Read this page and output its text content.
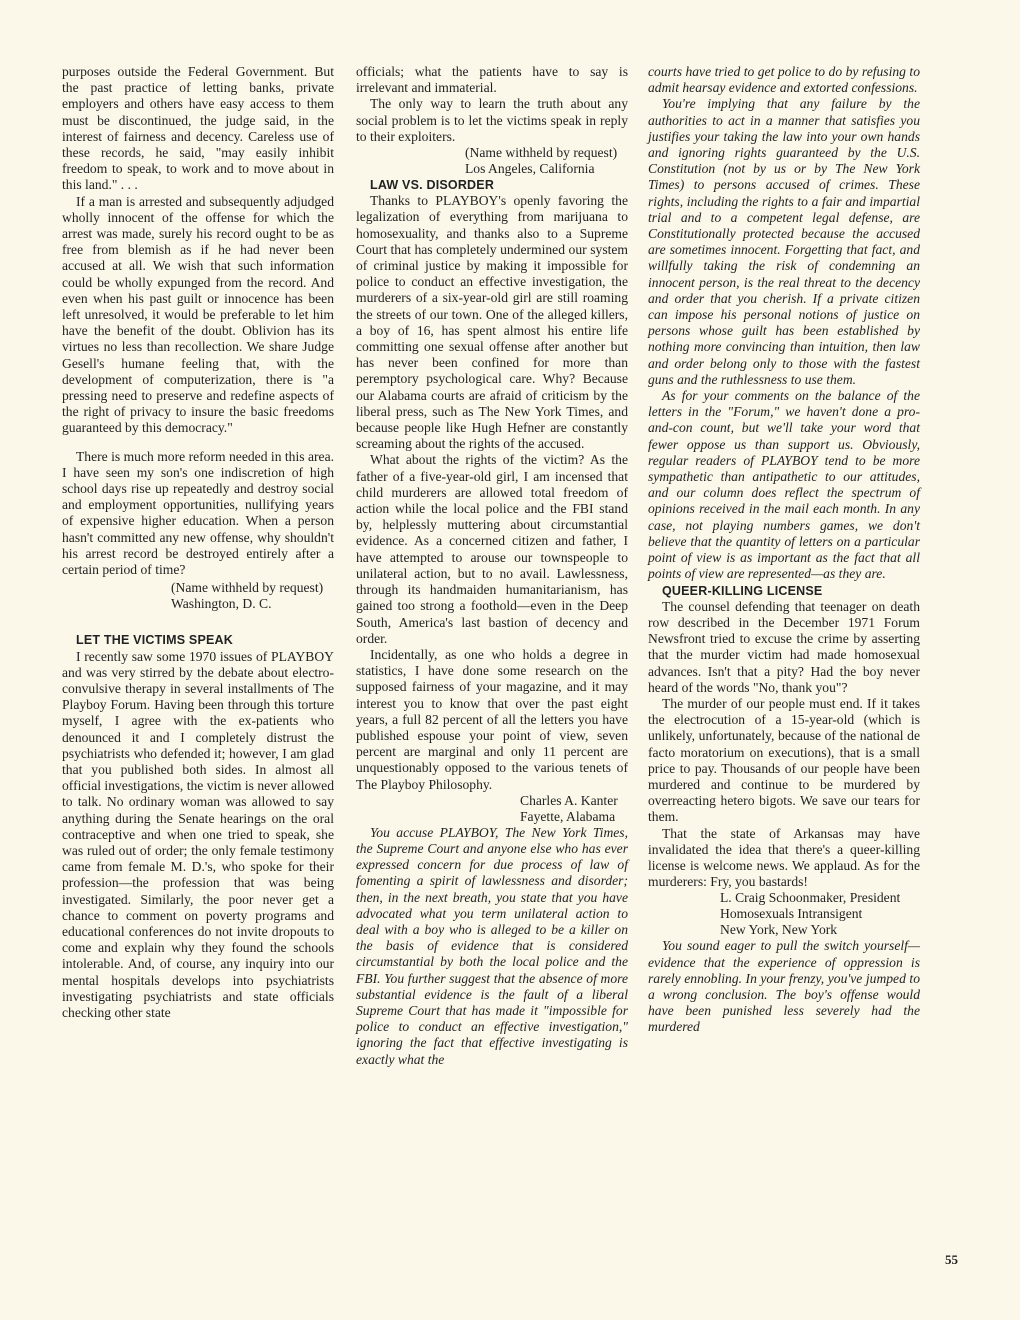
purposes outside the Federal Government. But the past practice of letting banks, private employers and others have easy access to them must be discontinued, the judge said, in the interest of fairness and decency. Careless use of these records, he said, "may easily inhibit freedom to speak, to work and to move about in this land." . . .

If a man is arrested and subsequently adjudged wholly innocent of the offense for which the arrest was made, surely his record ought to be as free from blemish as if he had never been accused at all. We wish that such information could be wholly expunged from the record. And even when his past guilt or innocence has been left unresolved, it would be preferable to let him have the benefit of the doubt. Oblivion has its virtues no less than recollection. We share Judge Gesell's humane feeling that, with the development of computerization, there is "a pressing need to preserve and redefine aspects of the right of privacy to insure the basic freedoms guaranteed by this democracy."

There is much more reform needed in this area. I have seen my son's one indiscretion of high school days rise up repeatedly and destroy social and employment opportunities, nullifying years of expensive higher education. When a person hasn't committed any new offense, why shouldn't his arrest record be destroyed entirely after a certain period of time?

(Name withheld by request)

Washington, D. C.

LET THE VICTIMS SPEAK

I recently saw some 1970 issues of PLAYBOY and was very stirred by the debate about electro-convulsive therapy in several installments of The Playboy Forum. Having been through this torture myself, I agree with the ex-patients who denounced it and I completely distrust the psychiatrists who defended it; however, I am glad that you published both sides. In almost all official investigations, the victim is never allowed to talk. No ordinary woman was allowed to say anything during the Senate hearings on the oral contraceptive and when one tried to speak, she was ruled out of order; the only female testimony came from female M. D.'s, who spoke for their profession—the profession that was being investigated. Similarly, the poor never get a chance to comment on poverty programs and educational conferences do not invite dropouts to come and explain why they found the schools intolerable. And, of course, any inquiry into our mental hospitals develops into psychiatrists investigating psychiatrists and state officials checking other state

officials; what the patients have to say is irrelevant and immaterial.

The only way to learn the truth about any social problem is to let the victims speak in reply to their exploiters.

(Name withheld by request)

Los Angeles, California

LAW VS. DISORDER

Thanks to PLAYBOY's openly favoring the legalization of everything from marijuana to homosexuality, and thanks also to a Supreme Court that has completely undermined our system of criminal justice by making it impossible for police to conduct an effective investigation, the murderers of a six-year-old girl are still roaming the streets of our town. One of the alleged killers, a boy of 16, has spent almost his entire life committing one sexual offense after another but has never been confined for more than peremptory psychological care. Why? Because our Alabama courts are afraid of criticism by the liberal press, such as The New York Times, and because people like Hugh Hefner are constantly screaming about the rights of the accused.

What about the rights of the victim? As the father of a five-year-old girl, I am incensed that child murderers are allowed total freedom of action while the local police and the FBI stand by, helplessly muttering about circumstantial evidence. As a concerned citizen and father, I have attempted to arouse our townspeople to unilateral action, but to no avail. Lawlessness, through its handmaiden humanitarianism, has gained too strong a foothold—even in the Deep South, America's last bastion of decency and order.

Incidentally, as one who holds a degree in statistics, I have done some research on the supposed fairness of your magazine, and it may interest you to know that over the past eight years, a full 82 percent of all the letters you have published espouse your point of view, seven percent are marginal and only 11 percent are unquestionably opposed to the various tenets of The Playboy Philosophy.

Charles A. Kanter

Fayette, Alabama

You accuse PLAYBOY, The New York Times, the Supreme Court and anyone else who has ever expressed concern for due process of law of fomenting a spirit of lawlessness and disorder; then, in the next breath, you state that you have advocated what you term unilateral action to deal with a boy who is alleged to be a killer on the basis of evidence that is considered circumstantial by both the local police and the FBI. You further suggest that the absence of more substantial evidence is the fault of a liberal Supreme Court that has made it "impossible for police to conduct an effective investigation," ignoring the fact that effective investigating is exactly what the

courts have tried to get police to do by refusing to admit hearsay evidence and extorted confessions.

You're implying that any failure by the authorities to act in a manner that satisfies you justifies your taking the law into your own hands and ignoring rights guaranteed by the U.S. Constitution (not by us or by The New York Times) to persons accused of crimes. These rights, including the rights to a fair and impartial trial and to a competent legal defense, are Constitutionally protected because the accused are sometimes innocent. Forgetting that fact, and willfully taking the risk of condemning an innocent person, is the real threat to the decency and order that you cherish. If a private citizen can impose his personal notions of justice on persons whose guilt has been established by nothing more convincing than intuition, then law and order belong only to those with the fastest guns and the ruthlessness to use them.

As for your comments on the balance of the letters in the "Forum," we haven't done a pro-and-con count, but we'll take your word that fewer oppose us than support us. Obviously, regular readers of PLAYBOY tend to be more sympathetic than antipathetic to our attitudes, and our column does reflect the spectrum of opinions received in the mail each month. In any case, not playing numbers games, we don't believe that the quantity of letters on a particular point of view is as important as the fact that all points of view are represented—as they are.

QUEER-KILLING LICENSE

The counsel defending that teenager on death row described in the December 1971 Forum Newsfront tried to excuse the crime by asserting that the murder victim had made homosexual advances. Isn't that a pity? Had the boy never heard of the words "No, thank you"?

The murder of our people must end. If it takes the electrocution of a 15-year-old (which is unlikely, unfortunately, because of the national de facto moratorium on executions), that is a small price to pay. Thousands of our people have been murdered and continue to be murdered by overreacting hetero bigots. We save our tears for them.

That the state of Arkansas may have invalidated the idea that there's a queer-killing license is welcome news. We applaud. As for the murderers: Fry, you bastards!

L. Craig Schoonmaker, President

Homosexuals Intransigent

New York, New York

You sound eager to pull the switch yourself—evidence that the experience of oppression is rarely ennobling. In your frenzy, you've jumped to a wrong conclusion. The boy's offense would have been punished less severely had the murdered

55
